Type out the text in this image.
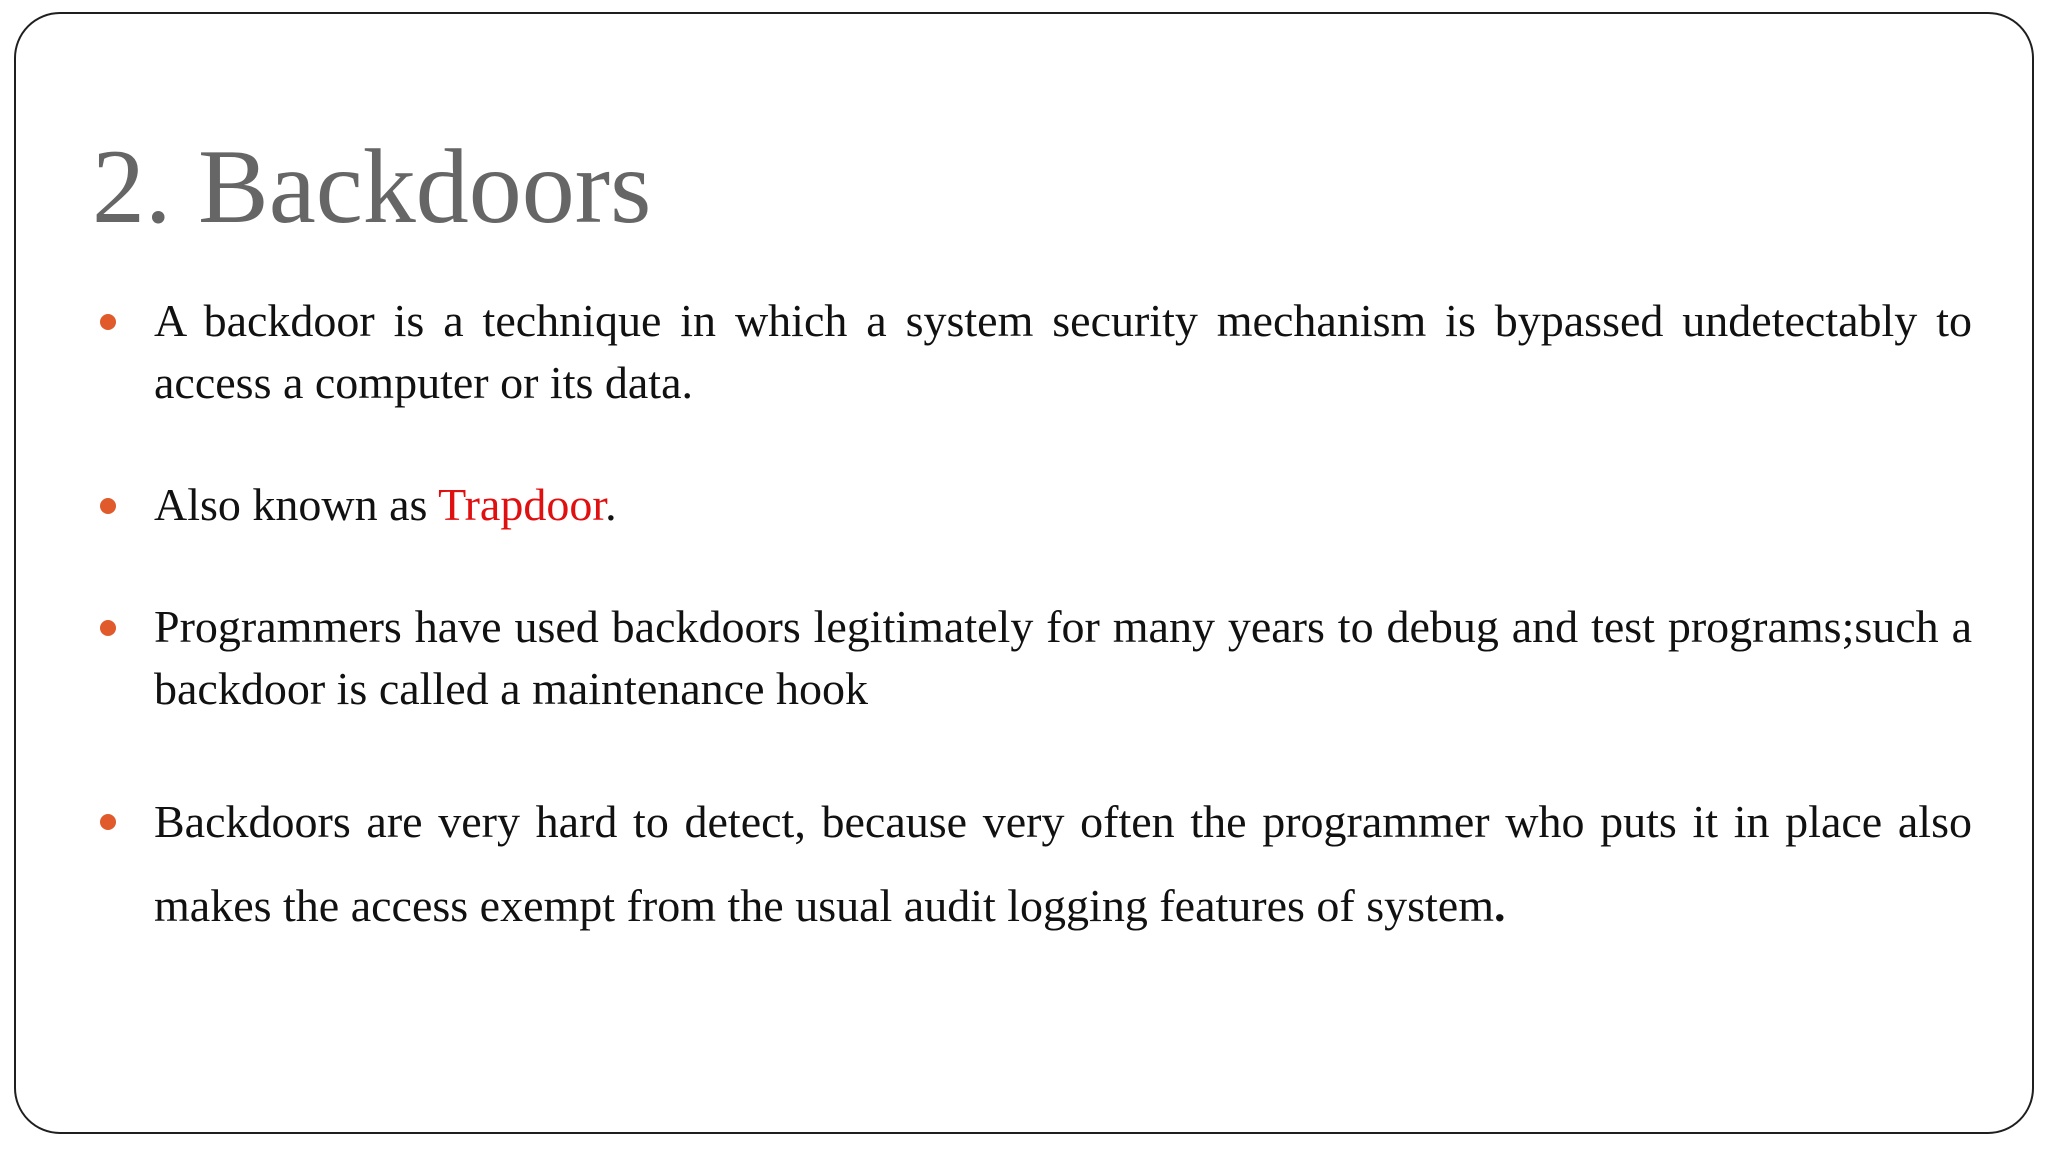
2. Backdoors
A backdoor is a technique in which a system security mechanism is bypassed undetectably to access a computer or its data.
Also known as Trapdoor.
Programmers have used backdoors legitimately for many years to debug and test programs;such a backdoor is called a maintenance hook
Backdoors are very hard to detect, because very often the programmer who puts it in place also makes the access exempt from the usual audit logging features of system.
